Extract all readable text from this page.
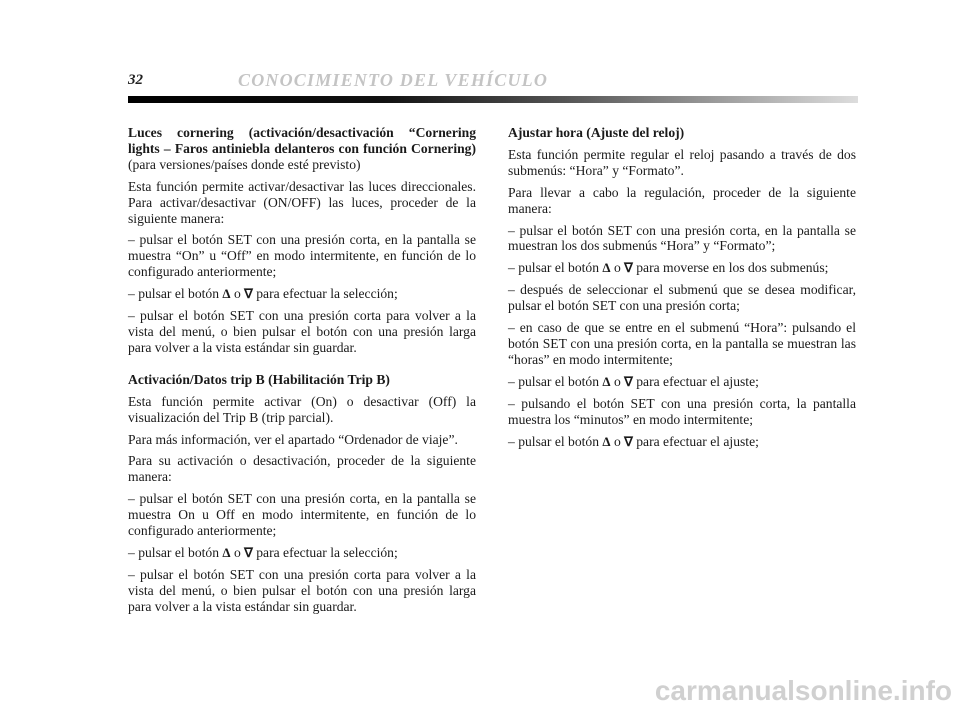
32	CONOCIMIENTO DEL VEHÍCULO

Luces cornering (activación/desactivación “Cornering lights – Faros antiniebla delanteros con función Cornering) (para versiones/países donde esté previsto)

Esta función permite activar/desactivar las luces direccionales. Para activar/desactivar (ON/OFF) las luces, proceder de la siguiente manera:

– pulsar el botón SET con una presión corta, en la pantalla se muestra “On” u “Off” en modo intermitente, en función de lo configurado anteriormente;

– pulsar el botón Δ o ∇ para efectuar la selección;

– pulsar el botón SET con una presión corta para volver a la vista del menú, o bien pulsar el botón con una presión larga para volver a la vista estándar sin guardar.

Activación/Datos trip B (Habilitación Trip B)

Esta función permite activar (On) o desactivar (Off) la visualización del Trip B (trip parcial).

Para más información, ver el apartado “Ordenador de viaje”.

Para su activación o desactivación, proceder de la siguiente manera:

– pulsar el botón SET con una presión corta, en la pantalla se muestra On u Off en modo intermitente, en función de lo configurado anteriormente;

– pulsar el botón Δ o ∇ para efectuar la selección;

– pulsar el botón SET con una presión corta para volver a la vista del menú, o bien pulsar el botón con una presión larga para volver a la vista estándar sin guardar.

Ajustar hora (Ajuste del reloj)

Esta función permite regular el reloj pasando a través de dos submenús: “Hora” y “Formato”.

Para llevar a cabo la regulación, proceder de la siguiente manera:

– pulsar el botón SET con una presión corta, en la pantalla se muestran los dos submenús “Hora” y “Formato”;

– pulsar el botón Δ o ∇ para moverse en los dos submenús;

– después de seleccionar el submenú que se desea modificar, pulsar el botón SET con una presión corta;

– en caso de que se entre en el submenú “Hora”: pulsando el botón SET con una presión corta, en la pantalla se muestran las “horas” en modo intermitente;

– pulsar el botón Δ o ∇ para efectuar el ajuste;

– pulsando el botón SET con una presión corta, la pantalla muestra los “minutos” en modo intermitente;

– pulsar el botón Δ o ∇ para efectuar el ajuste;

carmanualsonline.info
